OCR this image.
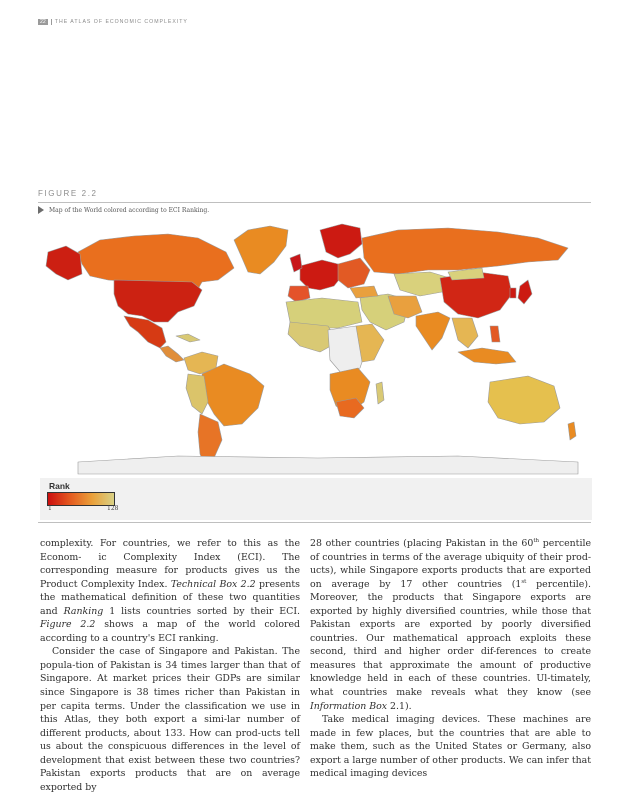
22	THE ATLAS OF ECONOMIC COMPLEXITY
FIGURE 2.2
Map of the World colored according to ECI Ranking.
Rank
1	128

complexity. For countries, we refer to this as the Econom- ic Complexity Index (ECI). The corresponding measure for products gives us the Product Complexity Index. Technical Box 2.2 presents the mathematical definition of these two quantities and Ranking 1 lists countries sorted by their ECI. Figure 2.2 shows a map of the world colored according to a country's ECI ranking.

Consider the case of Singapore and Pakistan. The popula-tion of Pakistan is 34 times larger than that of Singapore. At market prices their GDPs are similar since Singapore is 38 times richer than Pakistan in per capita terms. Under the classification we use in this Atlas, they both export a simi-lar number of different products, about 133. How can prod-ucts tell us about the conspicuous differences in the level of development that exist between these two countries? Pakistan exports products that are on average exported by

28 other countries (placing Pakistan in the 60th percentile of countries in terms of the average ubiquity of their prod-ucts), while Singapore exports products that are exported on average by 17 other countries (1st percentile). Moreover, the products that Singapore exports are exported by highly diversified countries, while those that Pakistan exports are exported by poorly diversified countries. Our mathematical approach exploits these second, third and higher order dif-ferences to create measures that approximate the amount of productive knowledge held in each of these countries. Ul-timately, what countries make reveals what they know (see Information Box 2.1).

Take medical imaging devices. These machines are made in few places, but the countries that are able to make them, such as the United States or Germany, also export a large number of other products. We can infer that medical imaging devices
